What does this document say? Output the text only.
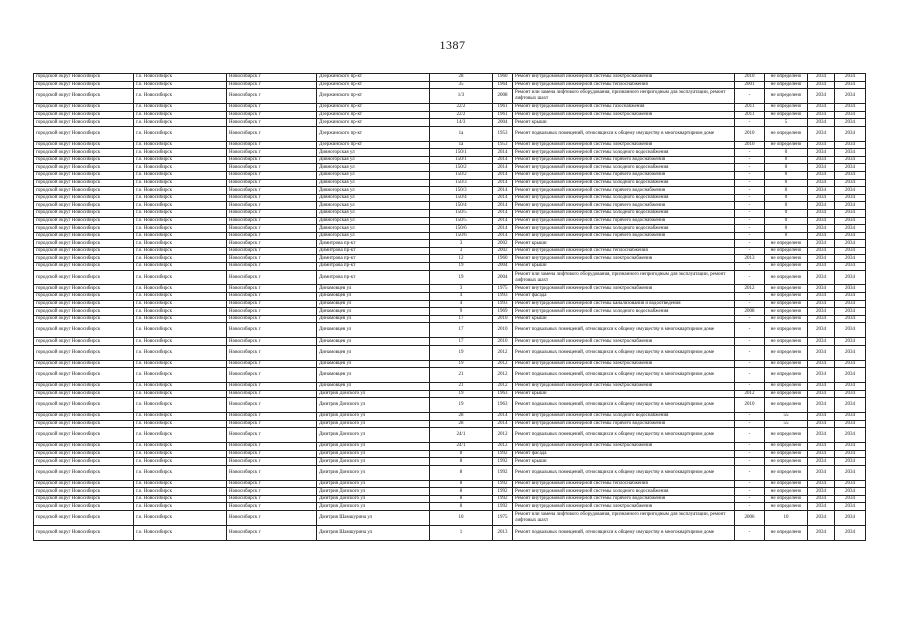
1387
городской округ Новосибирск	г.о. Новосибирск	Новосибирск г	Дзержинского пр-кт	28	1960	Ремонт внутридомовой инженерной системы электроснабжения	2010	не определено	2034	2034
городской округ Новосибирск	г.о. Новосибирск	Новосибирск г	Дзержинского пр-кт	35	1964	Ремонт внутридомовой инженерной системы теплоснабжения	2001	не определено	2034	2034
городской округ Новосибирск	г.о. Новосибирск	Новосибирск г	Дзержинского пр-кт	1/3	2008	Ремонт или замена лифтового оборудования, признанного непригодным для эксплуатации, ремонт лифтовых шахт	-	не определено	2034	2034
городской округ Новосибирск	г.о. Новосибирск	Новосибирск г	Дзержинского пр-кт	22/2	1961	Ремонт внутридомовой инженерной системы газоснабжения	2011	не определено	2034	2034
городской округ Новосибирск	г.о. Новосибирск	Новосибирск г	Дзержинского пр-кт	22/2	1961	Ремонт внутридомовой инженерной системы электроснабжения	2011	не определено	2034	2034
городской округ Новосибирск	г.о. Новосибирск	Новосибирск г	Дзержинского пр-кт	14/3	2004	Ремонт крыши	-	5	2034	2034
городской округ Новосибирск	г.о. Новосибирск	Новосибирск г	Дзержинского пр-кт	1а	1953	Ремонт подвальных помещений, относящихся к общему имуществу в многоквартирном доме	2010	не определено	2034	2034
городской округ Новосибирск	г.о. Новосибирск	Новосибирск г	Дзержинского пр-кт	1а	1953	Ремонт внутридомовой инженерной системы электроснабжения	2010	не определено	2034	2034
городской округ Новосибирск	г.о. Новосибирск	Новосибирск г	Дивногорская ул	150/1	2014	Ремонт внутридомовой инженерной системы холодного водоснабжения	-	0	2034	2034
городской округ Новосибирск	г.о. Новосибирск	Новосибирск г	Дивногорская ул	150/1	2014	Ремонт внутридомовой инженерной системы горячего водоснабжения	-	0	2034	2034
городской округ Новосибирск	г.о. Новосибирск	Новосибирск г	Дивногорская ул	150/2	2014	Ремонт внутридомовой инженерной системы холодного водоснабжения	-	0	2034	2034
городской округ Новосибирск	г.о. Новосибирск	Новосибирск г	Дивногорская ул	150/2	2014	Ремонт внутридомовой инженерной системы горячего водоснабжения	-	0	2034	2034
городской округ Новосибирск	г.о. Новосибирск	Новосибирск г	Дивногорская ул	150/3	2014	Ремонт внутридомовой инженерной системы холодного водоснабжения	-	0	2034	2034
городской округ Новосибирск	г.о. Новосибирск	Новосибирск г	Дивногорская ул	150/3	2014	Ремонт внутридомовой инженерной системы горячего водоснабжения	-	0	2034	2034
городской округ Новосибирск	г.о. Новосибирск	Новосибирск г	Дивногорская ул	150/4	2014	Ремонт внутридомовой инженерной системы холодного водоснабжения	-	0	2034	2034
городской округ Новосибирск	г.о. Новосибирск	Новосибирск г	Дивногорская ул	150/4	2014	Ремонт внутридомовой инженерной системы горячего водоснабжения	-	0	2034	2034
городской округ Новосибирск	г.о. Новосибирск	Новосибирск г	Дивногорская ул	150/5	2014	Ремонт внутридомовой инженерной системы холодного водоснабжения	-	0	2034	2034
городской округ Новосибирск	г.о. Новосибирск	Новосибирск г	Дивногорская ул	150/5	2014	Ремонт внутридомовой инженерной системы горячего водоснабжения	-	0	2034	2034
городской округ Новосибирск	г.о. Новосибирск	Новосибирск г	Дивногорская ул	150/6	2014	Ремонт внутридомовой инженерной системы холодного водоснабжения	-	0	2034	2034
городской округ Новосибирск	г.о. Новосибирск	Новосибирск г	Дивногорская ул	150/6	2014	Ремонт внутридомовой инженерной системы горячего водоснабжения	-	0	2034	2034
городской округ Новосибирск	г.о. Новосибирск	Новосибирск г	Димитрова пр-кт	3	2002	Ремонт крыши	-	не определено	2034	2034
городской округ Новосибирск	г.о. Новосибирск	Новосибирск г	Димитрова пр-кт	3	2002	Ремонт внутридомовой инженерной системы теплоснабжения	-	не определено	2034	2034
городской округ Новосибирск	г.о. Новосибирск	Новосибирск г	Димитрова пр-кт	12	1960	Ремонт внутридомовой инженерной системы электроснабжения	2013	не определено	2034	2034
городской округ Новосибирск	г.о. Новосибирск	Новосибирск г	Димитрова пр-кт	19	2004	Ремонт крыши	-	не определено	2034	2034
городской округ Новосибирск	г.о. Новосибирск	Новосибирск г	Димитрова пр-кт	19	2004	Ремонт или замена лифтового оборудования, признанного непригодным для эксплуатации, ремонт лифтовых шахт	-	не определено	2034	2034
городской округ Новосибирск	г.о. Новосибирск	Новосибирск г	Динамовцев ул	3	1975	Ремонт внутридомовой инженерной системы электроснабжения	2012	не определено	2034	2034
городской округ Новосибирск	г.о. Новосибирск	Новосибирск г	Динамовцев ул	4	1993	Ремонт фасада	-	не определено	2034	2034
городской округ Новосибирск	г.о. Новосибирск	Новосибирск г	Динамовцев ул	4	1993	Ремонт внутридомовой инженерной системы канализования и водоотведения	-	не определено	2034	2034
городской округ Новосибирск	г.о. Новосибирск	Новосибирск г	Динамовцев ул	9	1969	Ремонт внутридомовой инженерной системы холодного водоснабжения	2008	не определено	2034	2034
городской округ Новосибирск	г.о. Новосибирск	Новосибирск г	Динамовцев ул	17	2010	Ремонт крыши	-	не определено	2034	2034
городской округ Новосибирск	г.о. Новосибирск	Новосибирск г	Динамовцев ул	17	2010	Ремонт подвальных помещений, относящихся к общему имуществу в многоквартирном доме	-	не определено	2034	2034
городской округ Новосибирск	г.о. Новосибирск	Новосибирск г	Динамовцев ул	17	2010	Ремонт внутридомовой инженерной системы электроснабжения	-	не определено	2034	2034
городской округ Новосибирск	г.о. Новосибирск	Новосибирск г	Динамовцев ул	19	2012	Ремонт подвальных помещений, относящихся к общему имуществу в многоквартирном доме	-	не определено	2034	2034
городской округ Новосибирск	г.о. Новосибирск	Новосибирск г	Динамовцев ул	19	2012	Ремонт внутридомовой инженерной системы электроснабжения	-	не определено	2034	2034
городской округ Новосибирск	г.о. Новосибирск	Новосибирск г	Динамовцев ул	21	2012	Ремонт подвальных помещений, относящихся к общему имуществу в многоквартирном доме	-	не определено	2034	2034
городской округ Новосибирск	г.о. Новосибирск	Новосибирск г	Динамовцев ул	21	2012	Ремонт внутридомовой инженерной системы электроснабжения	-	не определено	2034	2034
городской округ Новосибирск	г.о. Новосибирск	Новосибирск г	Дмитрия Донского ул	19	1963	Ремонт крыши	2012	не определено	2034	2034
городской округ Новосибирск	г.о. Новосибирск	Новосибирск г	Дмитрия Донского ул	19	1963	Ремонт подвальных помещений, относящихся к общему имуществу в многоквартирном доме	2010	не определено	2034	2034
городской округ Новосибирск	г.о. Новосибирск	Новосибирск г	Дмитрия Донского ул	28	2014	Ремонт внутридомовой инженерной системы холодного водоснабжения	-	55	2034	2034
городской округ Новосибирск	г.о. Новосибирск	Новосибирск г	Дмитрия Донского ул	28	2014	Ремонт внутридомовой инженерной системы горячего водоснабжения	-	55	2034	2034
городской округ Новосибирск	г.о. Новосибирск	Новосибирск г	Дмитрия Донского ул	24/1	2012	Ремонт подвальных помещений, относящихся к общему имуществу в многоквартирном доме	-	не определено	2034	2034
городской округ Новосибирск	г.о. Новосибирск	Новосибирск г	Дмитрия Донского ул	24/1	2012	Ремонт внутридомовой инженерной системы электроснабжения	-	не определено	2034	2034
городской округ Новосибирск	г.о. Новосибирск	Новосибирск г	Дмитрия Донского ул	8	1992	Ремонт фасада	-	не определено	2034	2034
городской округ Новосибирск	г.о. Новосибирск	Новосибирск г	Дмитрия Донского ул	8	1992	Ремонт крыши	-	не определено	2034	2034
городской округ Новосибирск	г.о. Новосибирск	Новосибирск г	Дмитрия Донского ул	8	1992	Ремонт подвальных помещений, относящихся к общему имуществу в многоквартирном доме	-	не определено	2034	2034
городской округ Новосибирск	г.о. Новосибирск	Новосибирск г	Дмитрия Донского ул	8	1992	Ремонт внутридомовой инженерной системы теплоснабжения	-	не определено	2034	2034
городской округ Новосибирск	г.о. Новосибирск	Новосибирск г	Дмитрия Донского ул	8	1992	Ремонт внутридомовой инженерной системы холодного водоснабжения	-	не определено	2034	2034
городской округ Новосибирск	г.о. Новосибирск	Новосибирск г	Дмитрия Донского ул	8	1992	Ремонт внутридомовой инженерной системы горячего водоснабжения	-	не определено	2034	2034
городской округ Новосибирск	г.о. Новосибирск	Новосибирск г	Дмитрия Донского ул	8	1992	Ремонт внутридомовой инженерной системы электроснабжения	-	не определено	2034	2034
городской округ Новосибирск	г.о. Новосибирск	Новосибирск г	Дмитрия Шамшурина ул	10	1975	Ремонт или замена лифтового оборудования, признанного непригодным для эксплуатации, ремонт лифтовых шахт	2006	10	2034	2034
городской округ Новосибирск	г.о. Новосибирск	Новосибирск г	Дмитрия Шамшурина ул	1	2013	Ремонт подвальных помещений, относящихся к общему имуществу в многоквартирном доме	-	не определено	2034	2034
